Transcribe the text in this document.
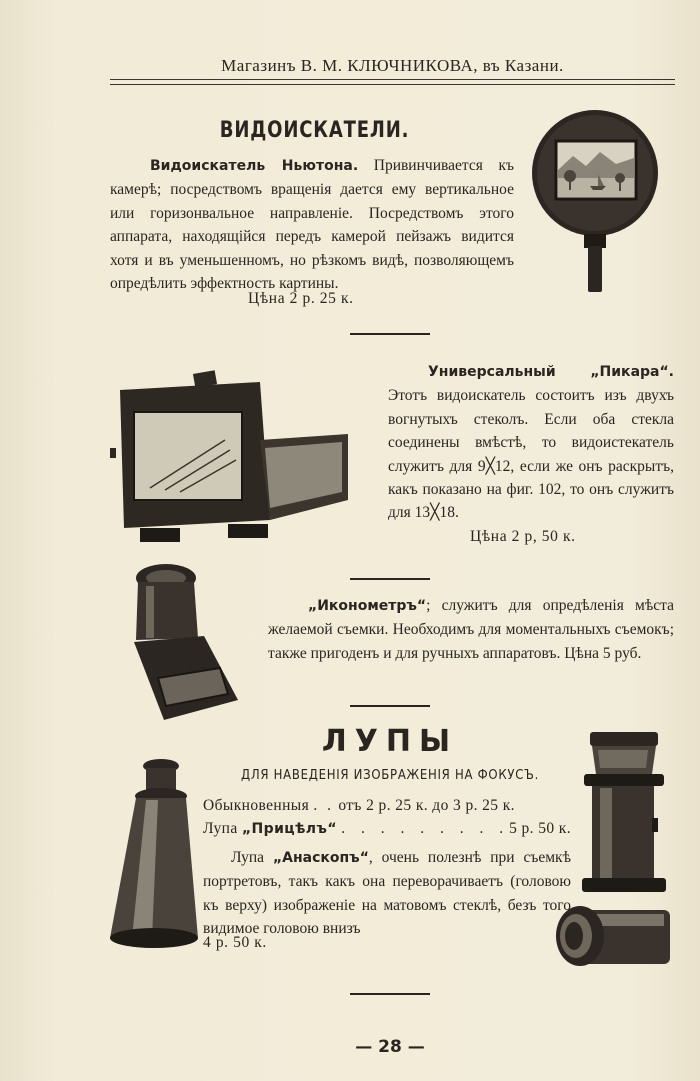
Магазинъ В. М. КЛЮЧНИКОВА, въ Казани.
ВИДОИСКАТЕЛИ.

Видоискатель Ньютона. Привинчивается къ камерѣ; посредствомъ вращенія дается ему вертикальное или горизонвальное направленіе. Посредствомъ этого аппарата, находящійся передъ камерой пейзажъ видится хотя и въ уменьшенномъ, но рѣзкомъ видѣ, позволяющемъ опредѣлить эффектность картины.

Цѣна 2 р. 25 к.

Универсальный „Пикара“. Этотъ видоискатель состоитъ изъ двухъ вогнутыхъ стеколъ. Если оба стекла соединены вмѣстѣ, то видоистекатель служитъ для 9╳12, если же онъ раскрытъ, какъ показано на фиг. 102, то онъ служитъ для 13╳18.

Цѣна 2 р, 50 к.

„Иконометръ“; служитъ для опредѣленія мѣста желаемой съемки. Необходимъ для моментальныхъ съемокъ; также пригоденъ и для ручныхъ аппаратовъ. Цѣна 5 руб.

ЛУПЫ
ДЛЯ НАВЕДЕНІЯ ИЗОБРАЖЕНІЯ НА ФОКУСЪ.
Обыкновенныя . . отъ 2 р. 25 к. до 3 р. 25 к.
Лупа „Прицѣлъ“ . . . . . . . . .5 р. 50 к.

Лупа „Анаскопъ“, очень полезнѣ при съемкѣ портретовъ, такъ какъ она переворачиваетъ (головою къ верху) изображеніе на матовомъ стеклѣ, безъ того видимое головою внизъ

4 р. 50 к.
— 28 —
